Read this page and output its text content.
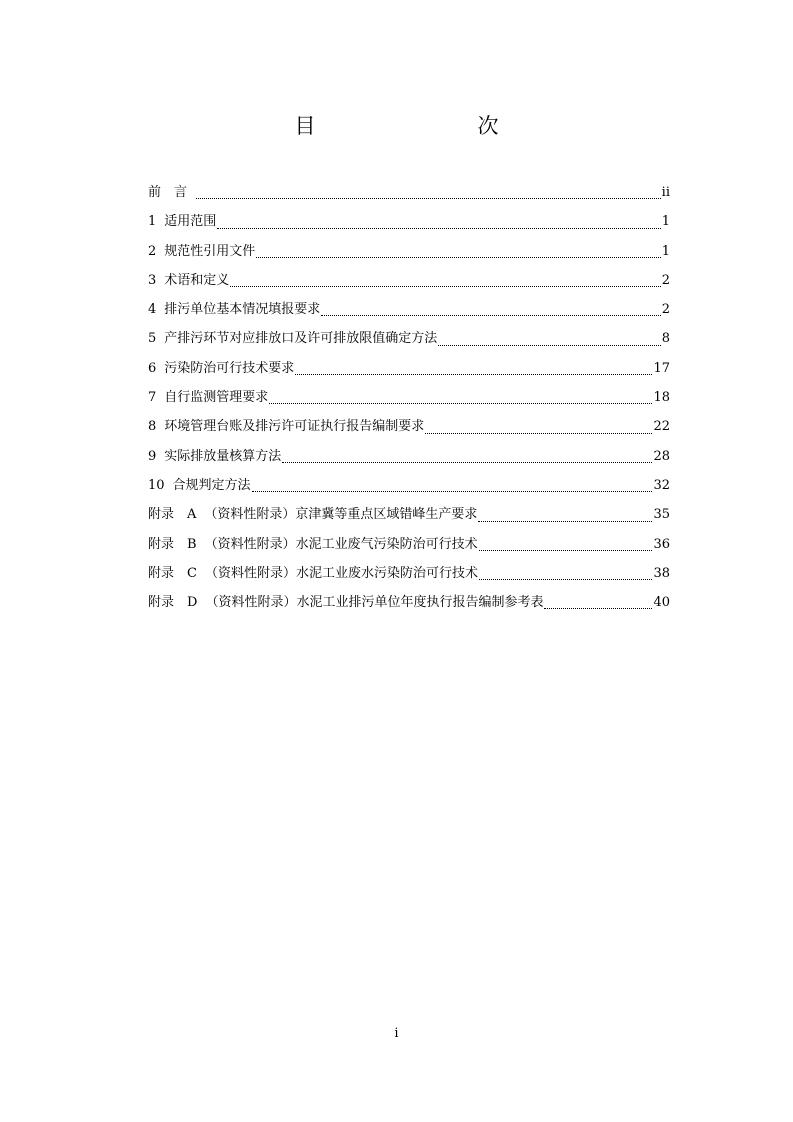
目　　次
前　言	ii
1 适用范围	1
2 规范性引用文件	1
3 术语和定义	2
4 排污单位基本情况填报要求	2
5 产排污环节对应排放口及许可排放限值确定方法	8
6 污染防治可行技术要求	17
7 自行监测管理要求	18
8 环境管理台账及排污许可证执行报告编制要求	22
9 实际排放量核算方法	28
10 合规判定方法	32
附录　A （资料性附录）京津冀等重点区域错峰生产要求	35
附录　B （资料性附录）水泥工业废气污染防治可行技术	36
附录　C （资料性附录）水泥工业废水污染防治可行技术	38
附录　D （资料性附录）水泥工业排污单位年度执行报告编制参考表	40
i
